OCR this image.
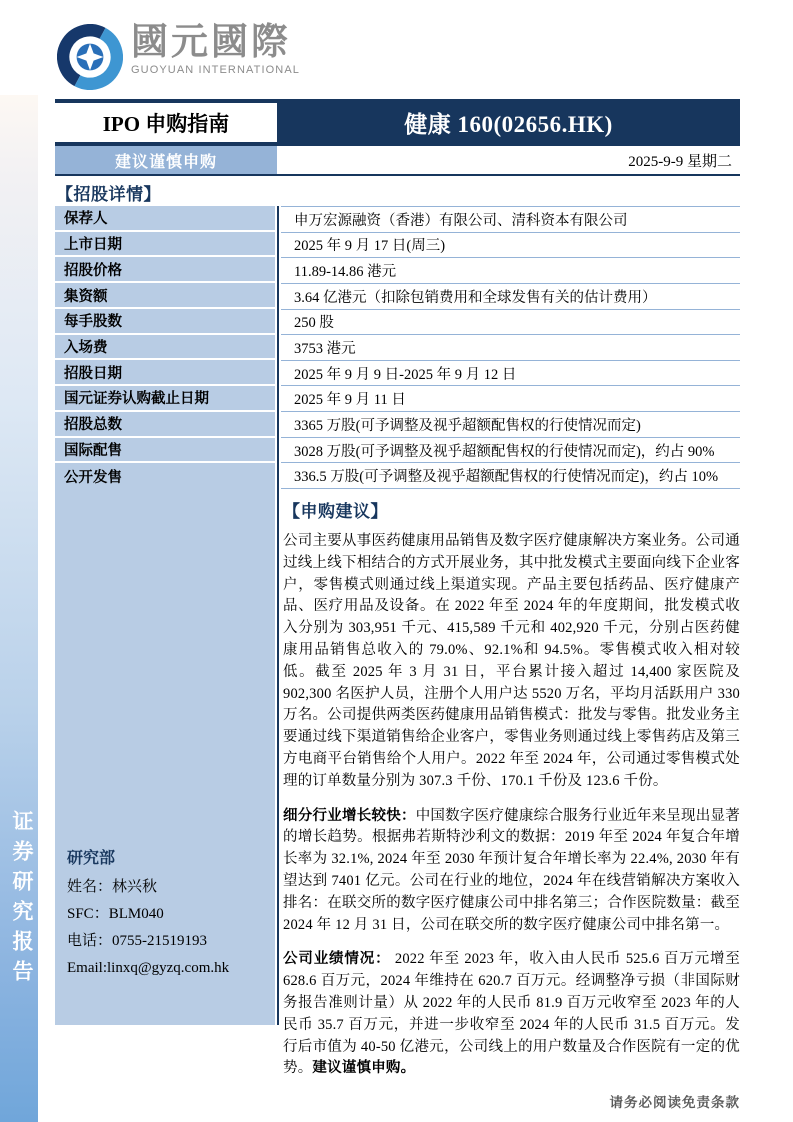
证券研究报告
國元國際
GUOYUAN INTERNATIONAL
IPO 申购指南	健康 160(02656.HK)
建议谨慎申购	2025-9-9 星期二
【招股详情】
保荐人
上市日期
招股价格
集资额
每手股数
入场费
招股日期
国元证券认购截止日期
招股总数
国际配售
公开发售
申万宏源融资（香港）有限公司、清科资本有限公司
2025 年 9 月 17 日(周三)
11.89-14.86 港元
3.64 亿港元（扣除包销费用和全球发售有关的估计费用）
250 股
3753 港元
2025 年 9 月 9 日-2025 年 9 月 12 日
2025 年 9 月 11 日
3365 万股(可予调整及视乎超额配售权的行使情况而定)
3028 万股(可予调整及视乎超额配售权的行使情况而定)，约占 90%
336.5 万股(可予调整及视乎超额配售权的行使情况而定)，约占 10%
研究部
姓名：林兴秋
SFC：BLM040
电话：0755-21519193
Email:linxq@gyzq.com.hk
【申购建议】

公司主要从事医药健康用品销售及数字医疗健康解决方案业务。公司通过线上线下相结合的方式开展业务，其中批发模式主要面向线下企业客户，零售模式则通过线上渠道实现。产品主要包括药品、医疗健康产品、医疗用品及设备。在 2022 年至 2024 年的年度期间，批发模式收入分别为 303,951 千元、415,589 千元和 402,920 千元，分别占医药健康用品销售总收入的 79.0%、92.1%和 94.5%。零售模式收入相对较低。截至 2025 年 3 月 31 日，平台累计接入超过 14,400 家医院及 902,300 名医护人员，注册个人用户达 5520 万名，平均月活跃用户 330 万名。公司提供两类医药健康用品销售模式：批发与零售。批发业务主要通过线下渠道销售给企业客户，零售业务则通过线上零售药店及第三方电商平台销售给个人用户。2022 年至 2024 年，公司通过零售模式处理的订单数量分别为 307.3 千份、170.1 千份及 123.6 千份。

细分行业增长较快：中国数字医疗健康综合服务行业近年来呈现出显著的增长趋势。根据弗若斯特沙利文的数据：2019 年至 2024 年复合年增长率为 32.1%, 2024 年至 2030 年预计复合年增长率为 22.4%, 2030 年有望达到 7401 亿元。公司在行业的地位，2024 年在线营销解决方案收入排名：在联交所的数字医疗健康公司中排名第三；合作医院数量：截至 2024 年 12 月 31 日，公司在联交所的数字医疗健康公司中排名第一。

公司业绩情况： 2022 年至 2023 年，收入由人民币 525.6 百万元增至 628.6 百万元，2024 年维持在 620.7 百万元。经调整净亏损（非国际财务报告准则计量）从 2022 年的人民币 81.9 百万元收窄至 2023 年的人民币 35.7 百万元，并进一步收窄至 2024 年的人民币 31.5 百万元。发行后市值为 40-50 亿港元，公司线上的用户数量及合作医院有一定的优势。建议谨慎申购。

请务必阅读免责条款
